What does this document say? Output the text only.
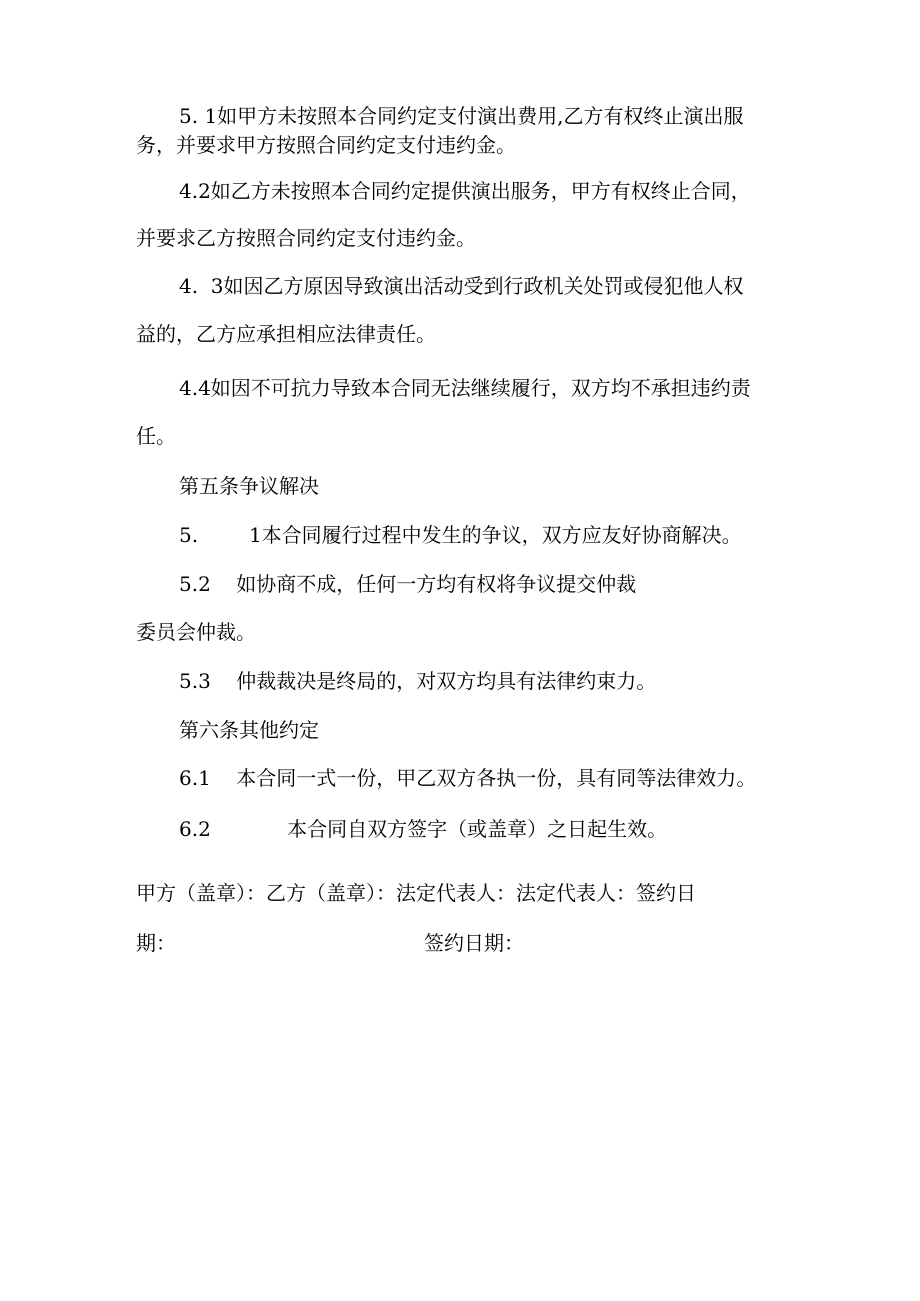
5. 1如甲方未按照本合同约定支付演出费用,乙方有权终止演出服
务，并要求甲方按照合同约定支付违约金。
4.2如乙方未按照本合同约定提供演出服务，甲方有权终止合同，
并要求乙方按照合同约定支付违约金。
4.  3如因乙方原因导致演出活动受到行政机关处罚或侵犯他人权
益的，乙方应承担相应法律责任。
4.4如因不可抗力导致本合同无法继续履行，双方均不承担违约责
任。
第五条争议解决
5.        1本合同履行过程中发生的争议，双方应友好协商解决。
5.2    如协商不成，任何一方均有权将争议提交仲裁
委员会仲裁。
5.3    仲裁裁决是终局的，对双方均具有法律约束力。
第六条其他约定
6.1    本合同一式一份，甲乙双方各执一份，具有同等法律效力。
6.2            本合同自双方签字（或盖章）之日起生效。
甲方（盖章）：乙方（盖章）：法定代表人：法定代表人：签约日
期：	签约日期：
